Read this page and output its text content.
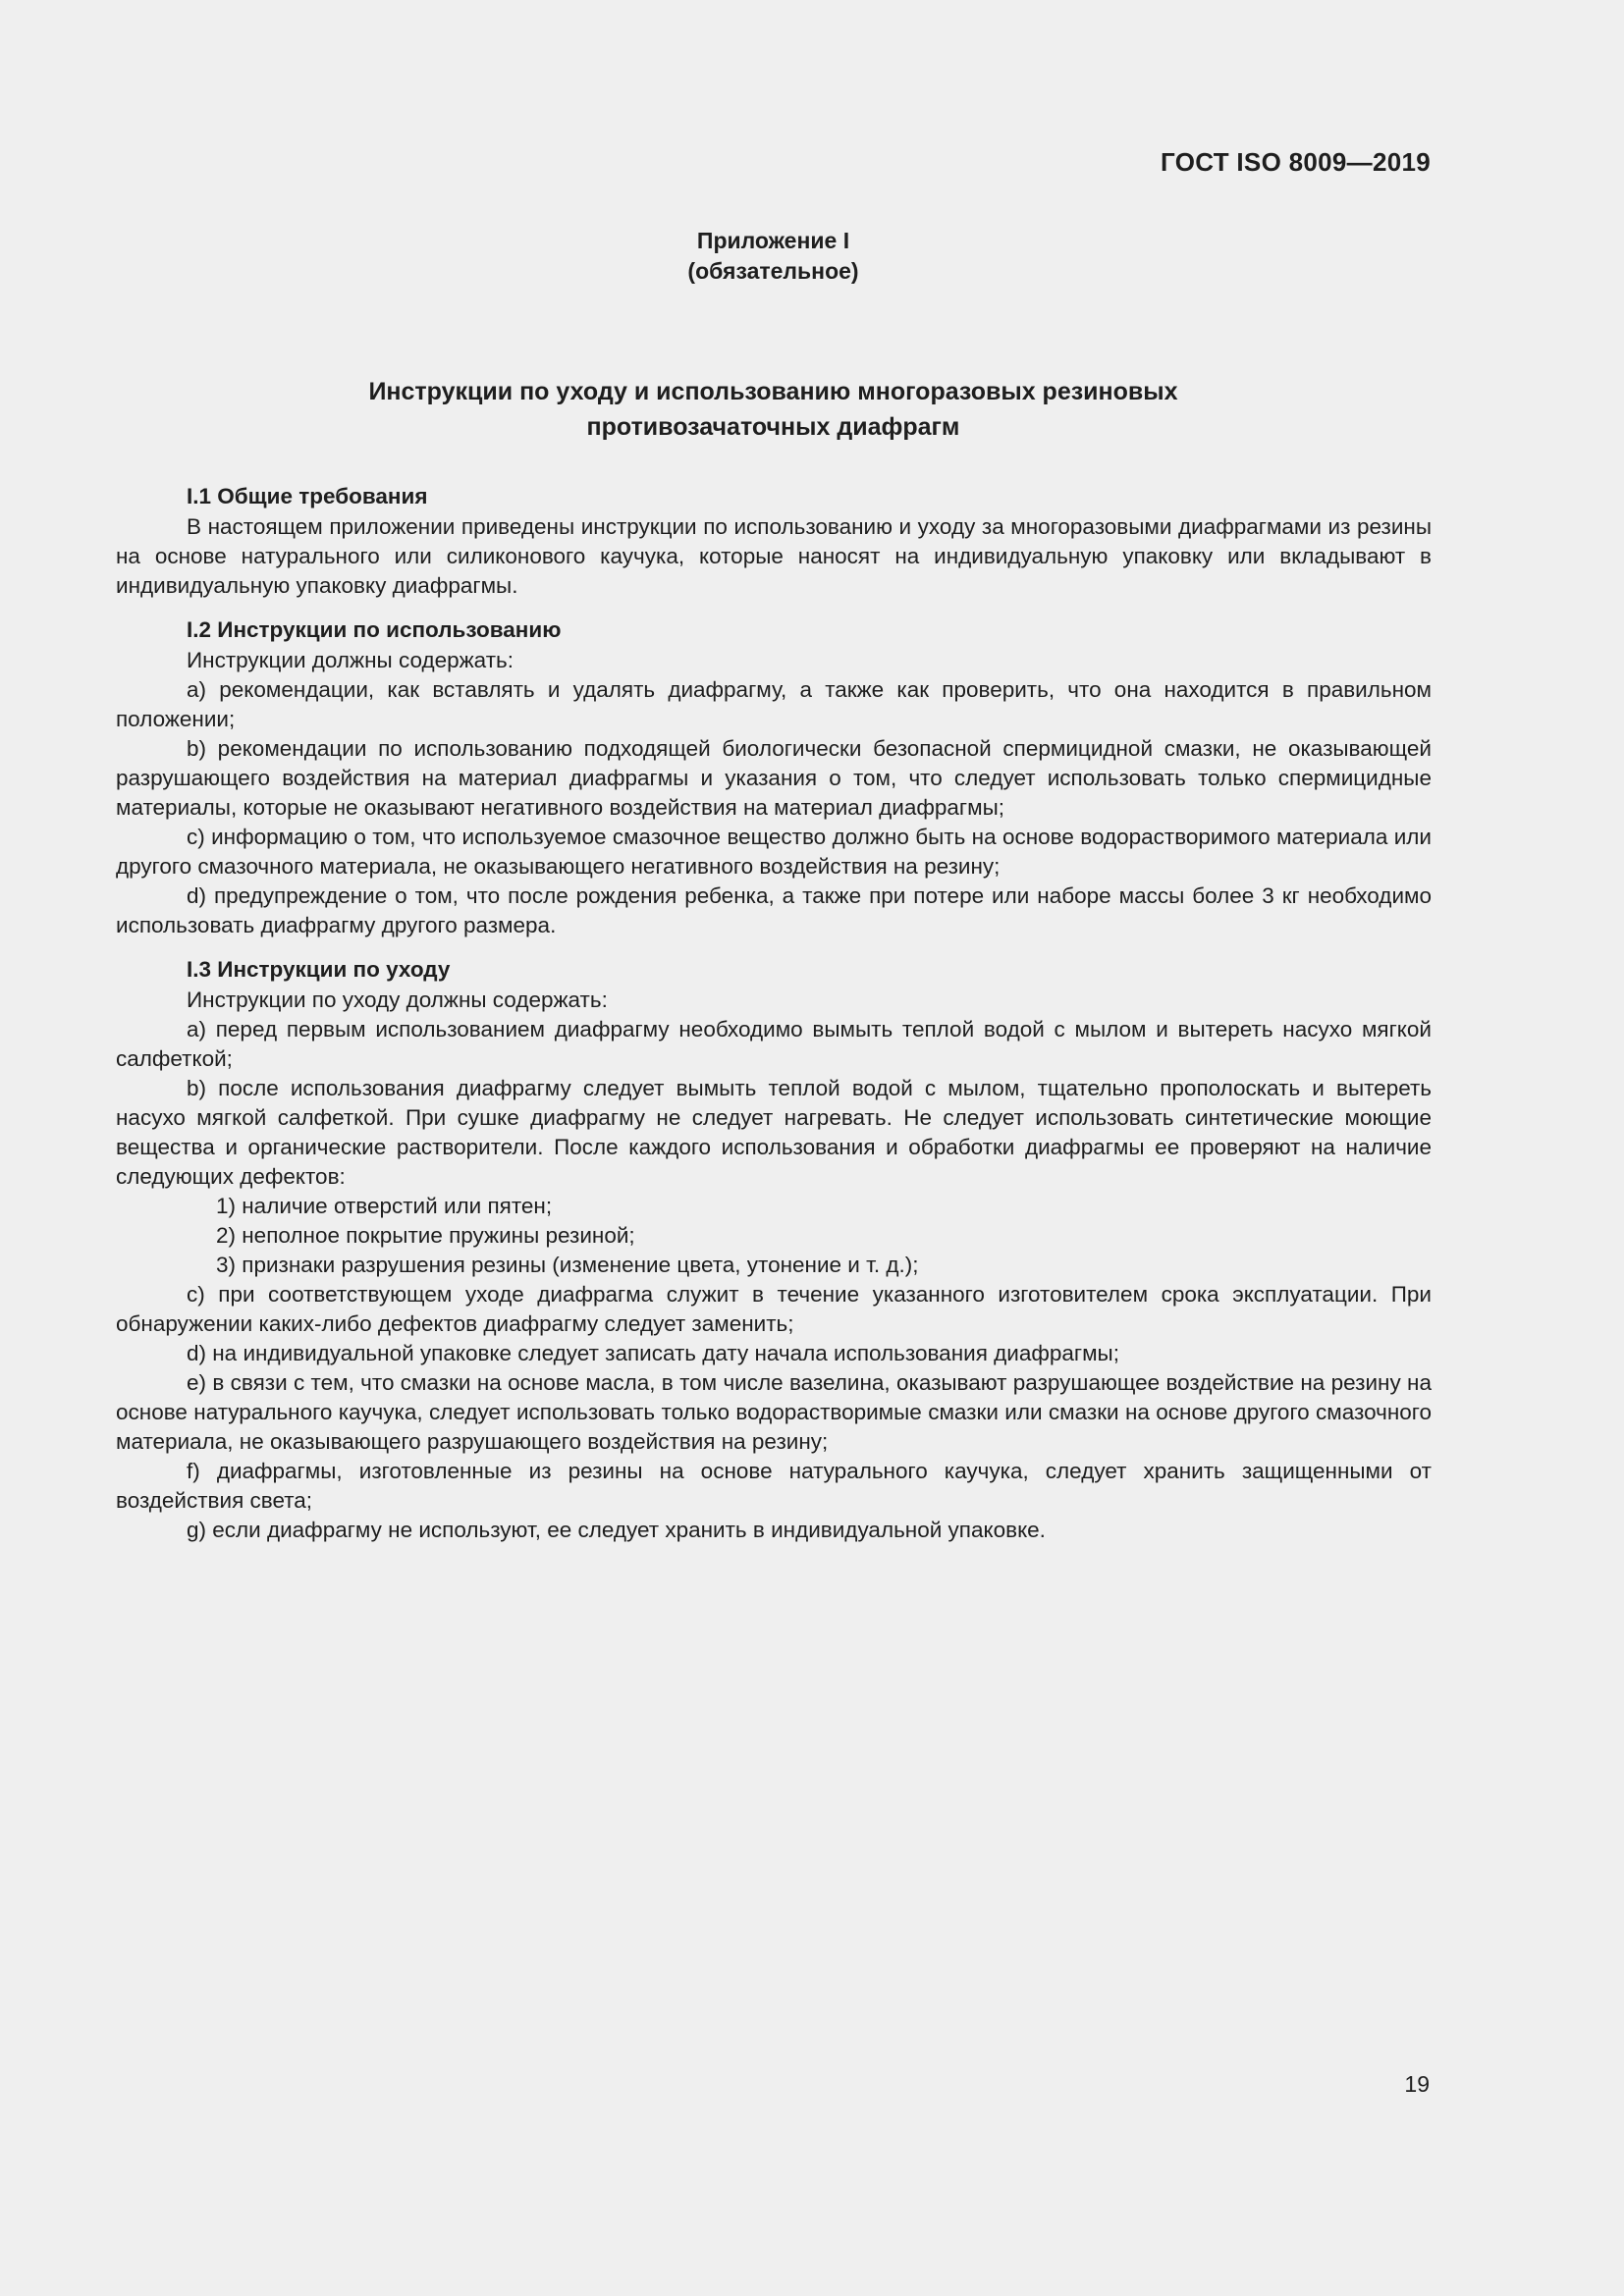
ГОСТ ISO 8009—2019
Приложение I
(обязательное)
Инструкции по уходу и использованию многоразовых резиновых
противозачаточных диафрагм

I.1 Общие требования

В настоящем приложении приведены инструкции по использованию и уходу за многоразовыми диафрагмами из резины на основе натурального или силиконового каучука, которые наносят на индивидуальную упаковку или вкладывают в индивидуальную упаковку диафрагмы.

I.2 Инструкции по использованию

Инструкции должны содержать:

а) рекомендации, как вставлять и удалять диафрагму, а также как проверить, что она находится в правильном положении;

b) рекомендации по использованию подходящей биологически безопасной спермицидной смазки, не оказывающей разрушающего воздействия на материал диафрагмы и указания о том, что следует использовать только спермицидные материалы, которые не оказывают негативного воздействия на материал диафрагмы;

с) информацию о том, что используемое смазочное вещество должно быть на основе водорастворимого материала или другого смазочного материала, не оказывающего негативного воздействия на резину;

d) предупреждение о том, что после рождения ребенка, а также при потере или наборе массы более 3 кг необходимо использовать диафрагму другого размера.

I.3 Инструкции по уходу

Инструкции по уходу должны содержать:

а) перед первым использованием диафрагму необходимо вымыть теплой водой с мылом и вытереть насухо мягкой салфеткой;

b) после использования диафрагму следует вымыть теплой водой с мылом, тщательно прополоскать и вытереть насухо мягкой салфеткой. При сушке диафрагму не следует нагревать. Не следует использовать синтетические моющие вещества и органические растворители. После каждого использования и обработки диафрагмы ее проверяют на наличие следующих дефектов:

1) наличие отверстий или пятен;

2) неполное покрытие пружины резиной;

3) признаки разрушения резины (изменение цвета, утонение и т. д.);

с) при соответствующем уходе диафрагма служит в течение указанного изготовителем срока эксплуатации. При обнаружении каких-либо дефектов диафрагму следует заменить;

d) на индивидуальной упаковке следует записать дату начала использования диафрагмы;

е) в связи с тем, что смазки на основе масла, в том числе вазелина, оказывают разрушающее воздействие на резину на основе натурального каучука, следует использовать только водорастворимые смазки или смазки на основе другого смазочного материала, не оказывающего разрушающего воздействия на резину;

f) диафрагмы, изготовленные из резины на основе натурального каучука, следует хранить защищенными от воздействия света;

g) если диафрагму не используют, ее следует хранить в индивидуальной упаковке.

19
